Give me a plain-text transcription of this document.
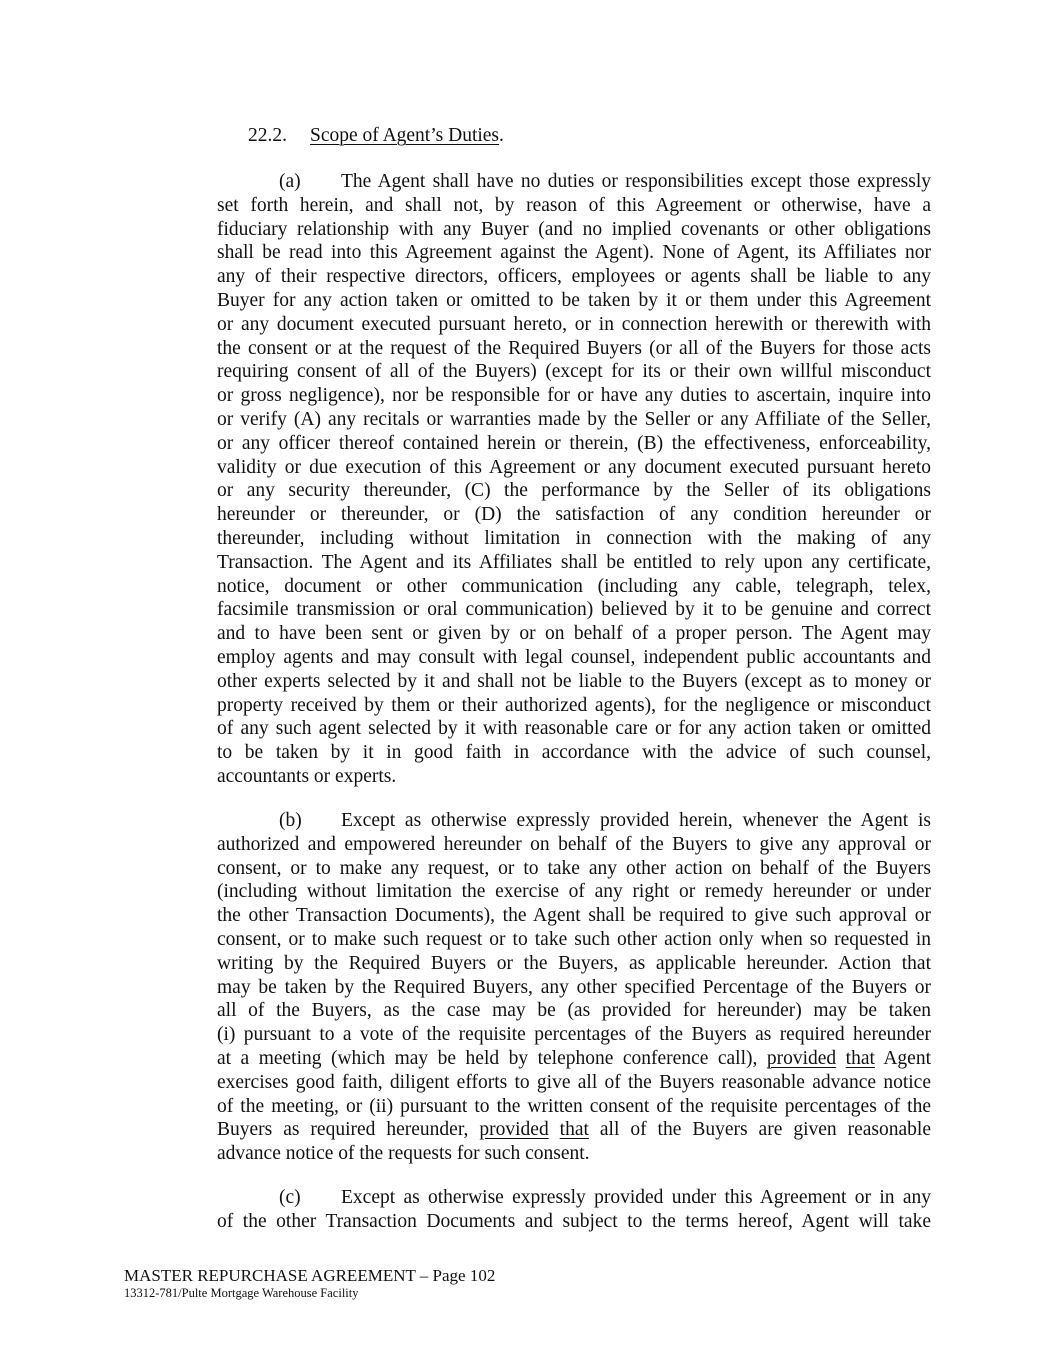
22.2. Scope of Agent’s Duties.
(a) The Agent shall have no duties or responsibilities except those expressly
set forth herein, and shall not, by reason of this Agreement or otherwise, have a
fiduciary relationship with any Buyer (and no implied covenants or other obligations
shall be read into this Agreement against the Agent). None of Agent, its Affiliates nor
any of their respective directors, officers, employees or agents shall be liable to any
Buyer for any action taken or omitted to be taken by it or them under this Agreement
or any document executed pursuant hereto, or in connection herewith or therewith with
the consent or at the request of the Required Buyers (or all of the Buyers for those acts
requiring consent of all of the Buyers) (except for its or their own willful misconduct
or gross negligence), nor be responsible for or have any duties to ascertain, inquire into
or verify (A) any recitals or warranties made by the Seller or any Affiliate of the Seller,
or any officer thereof contained herein or therein, (B) the effectiveness, enforceability,
validity or due execution of this Agreement or any document executed pursuant hereto
or any security thereunder, (C) the performance by the Seller of its obligations
hereunder or thereunder, or (D) the satisfaction of any condition hereunder or
thereunder, including without limitation in connection with the making of any
Transaction. The Agent and its Affiliates shall be entitled to rely upon any certificate,
notice, document or other communication (including any cable, telegraph, telex,
facsimile transmission or oral communication) believed by it to be genuine and correct
and to have been sent or given by or on behalf of a proper person. The Agent may
employ agents and may consult with legal counsel, independent public accountants and
other experts selected by it and shall not be liable to the Buyers (except as to money or
property received by them or their authorized agents), for the negligence or misconduct
of any such agent selected by it with reasonable care or for any action taken or omitted
to be taken by it in good faith in accordance with the advice of such counsel,
accountants or experts.
(b) Except as otherwise expressly provided herein, whenever the Agent is
authorized and empowered hereunder on behalf of the Buyers to give any approval or
consent, or to make any request, or to take any other action on behalf of the Buyers
(including without limitation the exercise of any right or remedy hereunder or under
the other Transaction Documents), the Agent shall be required to give such approval or
consent, or to make such request or to take such other action only when so requested in
writing by the Required Buyers or the Buyers, as applicable hereunder. Action that
may be taken by the Required Buyers, any other specified Percentage of the Buyers or
all of the Buyers, as the case may be (as provided for hereunder) may be taken
(i) pursuant to a vote of the requisite percentages of the Buyers as required hereunder
at a meeting (which may be held by telephone conference call), provided that Agent
exercises good faith, diligent efforts to give all of the Buyers reasonable advance notice
of the meeting, or (ii) pursuant to the written consent of the requisite percentages of the
Buyers as required hereunder, provided that all of the Buyers are given reasonable
advance notice of the requests for such consent.
(c) Except as otherwise expressly provided under this Agreement or in any
of the other Transaction Documents and subject to the terms hereof, Agent will take
MASTER REPURCHASE AGREEMENT – Page 102
13312-781/Pulte Mortgage Warehouse Facility
